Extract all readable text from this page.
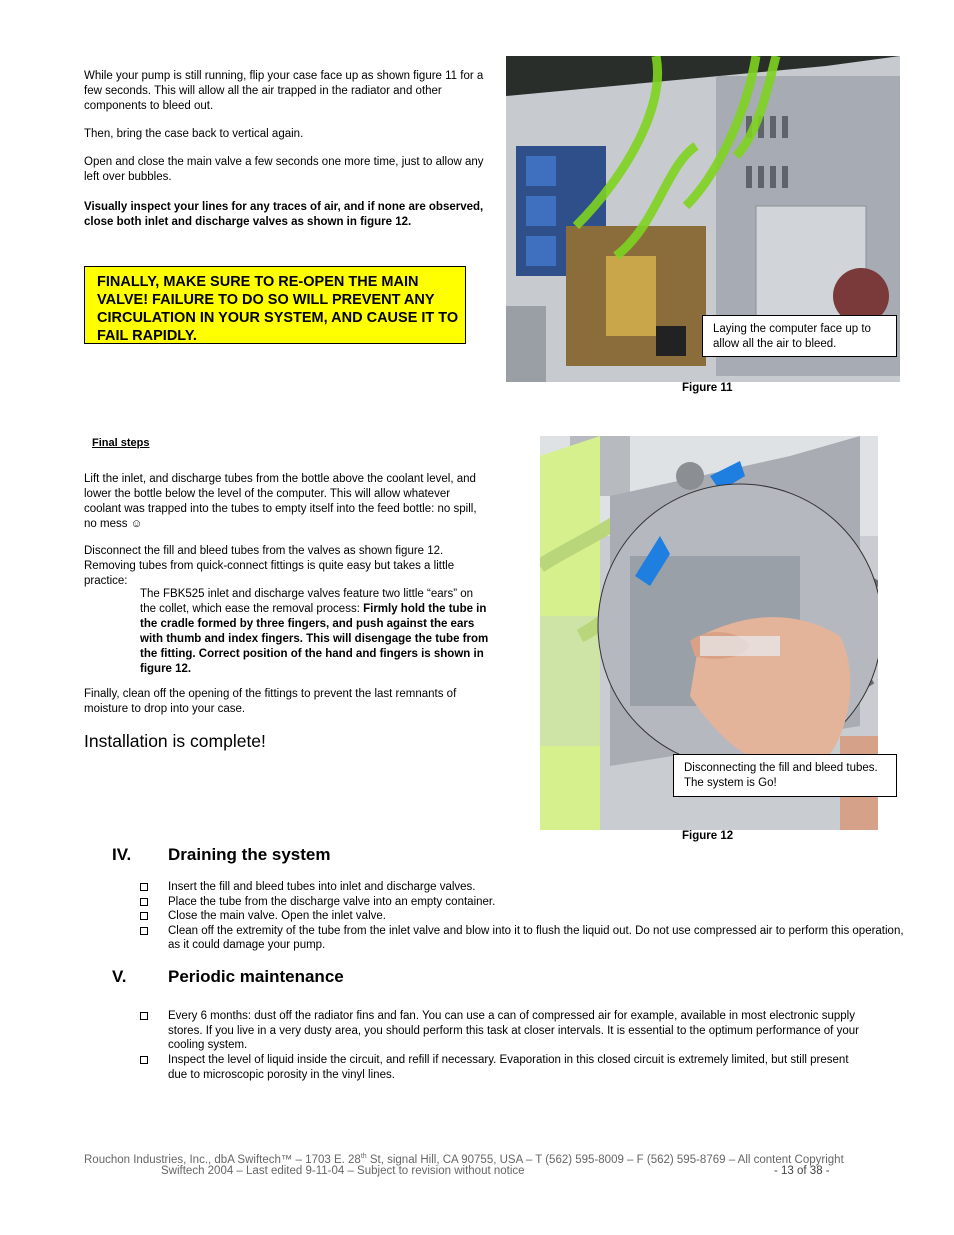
While your pump is still running, flip your case face up as shown figure 11 for a few seconds. This will allow all the air trapped in the radiator and other components to bleed out.
Then, bring the case back to vertical again.
Open and close the main valve a few seconds one more time, just to allow any left over bubbles.
Visually inspect your lines for any traces of air, and if none are observed, close both inlet and discharge valves as shown in figure 12.
FINALLY, MAKE SURE TO RE-OPEN THE MAIN VALVE! FAILURE TO DO SO WILL PREVENT ANY CIRCULATION IN YOUR SYSTEM, AND CAUSE IT TO FAIL RAPIDLY.	Laying the computer face up to allow all the air to bleed.
Figure 11
Final steps
Lift the inlet, and discharge tubes from the bottle above the coolant level, and lower the bottle below the level of the computer. This will allow whatever coolant was trapped into the tubes to empty itself into the feed bottle: no spill, no mess ☺
Disconnect the fill and bleed tubes from the valves as shown figure 12. Removing tubes from quick-connect fittings is quite easy but takes a little practice:
The FBK525 inlet and discharge valves feature two little “ears” on the collet, which ease the removal process: Firmly hold the tube in the cradle formed by three fingers, and push against the ears with thumb and index fingers. This will disengage the tube from the fitting. Correct position of the hand and fingers is shown in figure 12.
Finally, clean off the opening of the fittings to prevent the last remnants of moisture to drop into your case.
Installation is complete!
Disconnecting the fill and bleed tubes. The system is Go!
Figure 12
IV. Draining the system
Insert the fill and bleed tubes into inlet and discharge valves.
Place the tube from the discharge valve into an empty container.
Close the main valve. Open the inlet valve.
Clean off the extremity of the tube from the inlet valve and blow into it to flush the liquid out. Do not use compressed air to perform this operation, as it could damage your pump.
V. Periodic maintenance
Every 6 months: dust off the radiator fins and fan. You can use a can of compressed air for example, available in most electronic supply stores. If you live in a very dusty area, you should perform this task at closer intervals. It is essential to the optimum performance of your cooling system.
Inspect the level of liquid inside the circuit, and refill if necessary. Evaporation in this closed circuit is extremely limited, but still present due to microscopic porosity in the vinyl lines.
Rouchon Industries, Inc., dbA Swiftech™ – 1703 E. 28th St, signal Hill, CA 90755, USA – T (562) 595-8009 – F (562) 595-8769 – All content Copyright
Swiftech 2004 – Last edited 9-11-04 – Subject to revision without notice	- 13 of 38 -
